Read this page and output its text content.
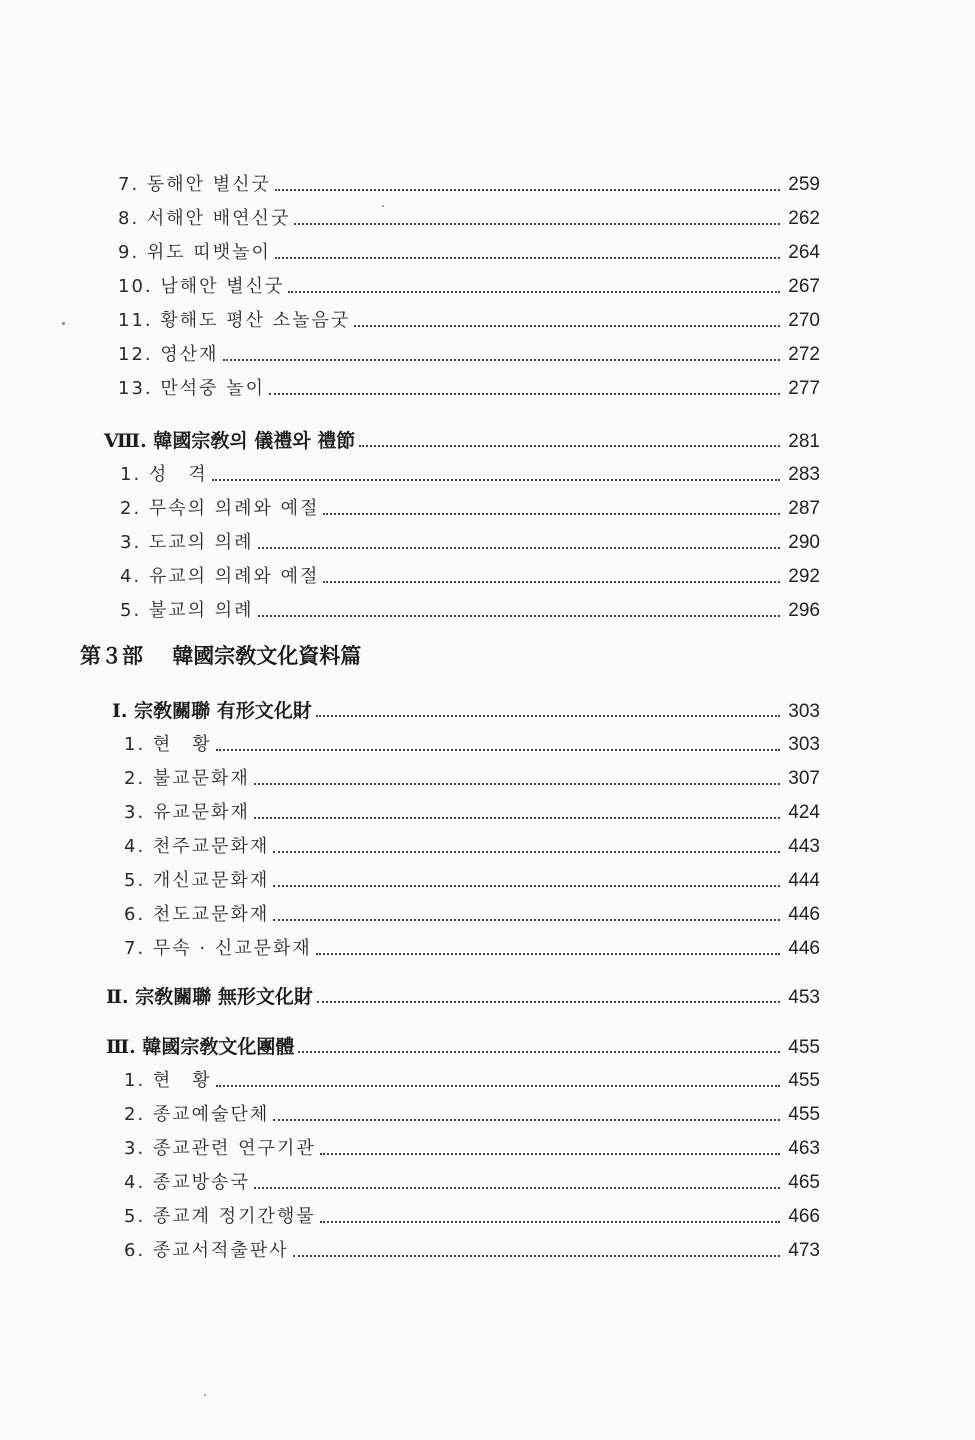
7. 동해안 별신굿	259
8. 서해안 배연신굿	262
9. 위도 띠뱃놀이	264
10. 남해안 별신굿	267
11. 황해도 평산 소놀음굿	270
12. 영산재	272
13. 만석중 놀이	277
Ⅷ. 韓國宗敎의 儀禮와 禮節	281
1. 성　격	283
2. 무속의 의례와 예절	287
3. 도교의 의례	290
4. 유교의 의례와 예절	292
5. 불교의 의례	296
第３部 韓國宗敎文化資料篇
Ⅰ. 宗敎關聯 有形文化財	303
1. 현　황	303
2. 불교문화재	307
3. 유교문화재	424
4. 천주교문화재	443
5. 개신교문화재	444
6. 천도교문화재	446
7. 무속 · 신교문화재	446
Ⅱ. 宗敎關聯 無形文化財	453
Ⅲ. 韓國宗敎文化團體	455
1. 현　황	455
2. 종교예술단체	455
3. 종교관련 연구기관	463
4. 종교방송국	465
5. 종교계 정기간행물	466
6. 종교서적출판사	473
